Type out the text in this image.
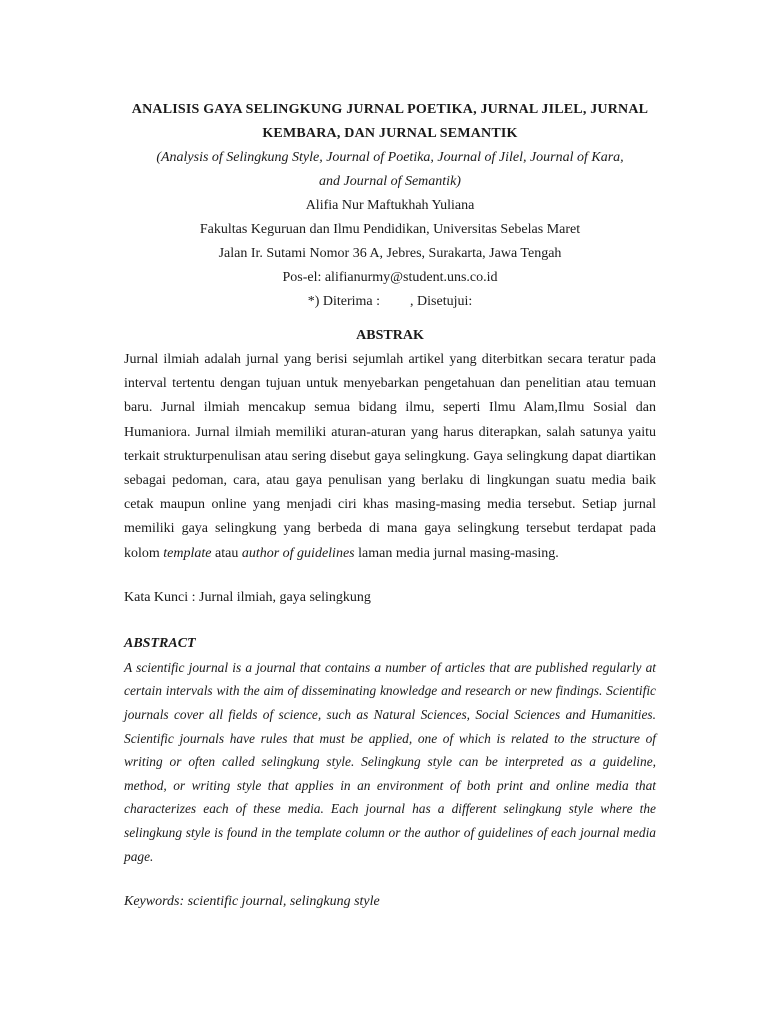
ANALISIS GAYA SELINGKUNG JURNAL POETIKA, JURNAL JILEL, JURNAL

KEMBARA, DAN JURNAL SEMANTIK

(Analysis of Selingkung Style, Journal of Poetika, Journal of Jilel, Journal of Kara,

and Journal of Semantik)

Alifia Nur Maftukhah Yuliana

Fakultas Keguruan dan Ilmu Pendidikan, Universitas Sebelas Maret

Jalan Ir. Sutami Nomor 36 A, Jebres, Surakarta, Jawa Tengah

Pos-el: alifianurmy@student.uns.co.id

*) Diterima : , Disetujui:

ABSTRAK

Jurnal ilmiah adalah jurnal yang berisi sejumlah artikel yang diterbitkan secara teratur pada interval tertentu dengan tujuan untuk menyebarkan pengetahuan dan penelitian atau temuan baru. Jurnal ilmiah mencakup semua bidang ilmu, seperti Ilmu Alam,Ilmu Sosial dan Humaniora. Jurnal ilmiah memiliki aturan-aturan yang harus diterapkan, salah satunya yaitu terkait strukturpenulisan atau sering disebut gaya selingkung. Gaya selingkung dapat diartikan sebagai pedoman, cara, atau gaya penulisan yang berlaku di lingkungan suatu media baik cetak maupun online yang menjadi ciri khas masing-masing media tersebut. Setiap jurnal memiliki gaya selingkung yang berbeda di mana gaya selingkung tersebut terdapat pada kolom template atau author of guidelines laman media jurnal masing-masing.

Kata Kunci : Jurnal ilmiah, gaya selingkung

ABSTRACT

A scientific journal is a journal that contains a number of articles that are published regularly at certain intervals with the aim of disseminating knowledge and research or new findings. Scientific journals cover all fields of science, such as Natural Sciences, Social Sciences and Humanities. Scientific journals have rules that must be applied, one of which is related to the structure of writing or often called selingkung style. Selingkung style can be interpreted as a guideline, method, or writing style that applies in an environment of both print and online media that characterizes each of these media. Each journal has a different selingkung style where the selingkung style is found in the template column or the author of guidelines of each journal media page.

Keywords: scientific journal, selingkung style
